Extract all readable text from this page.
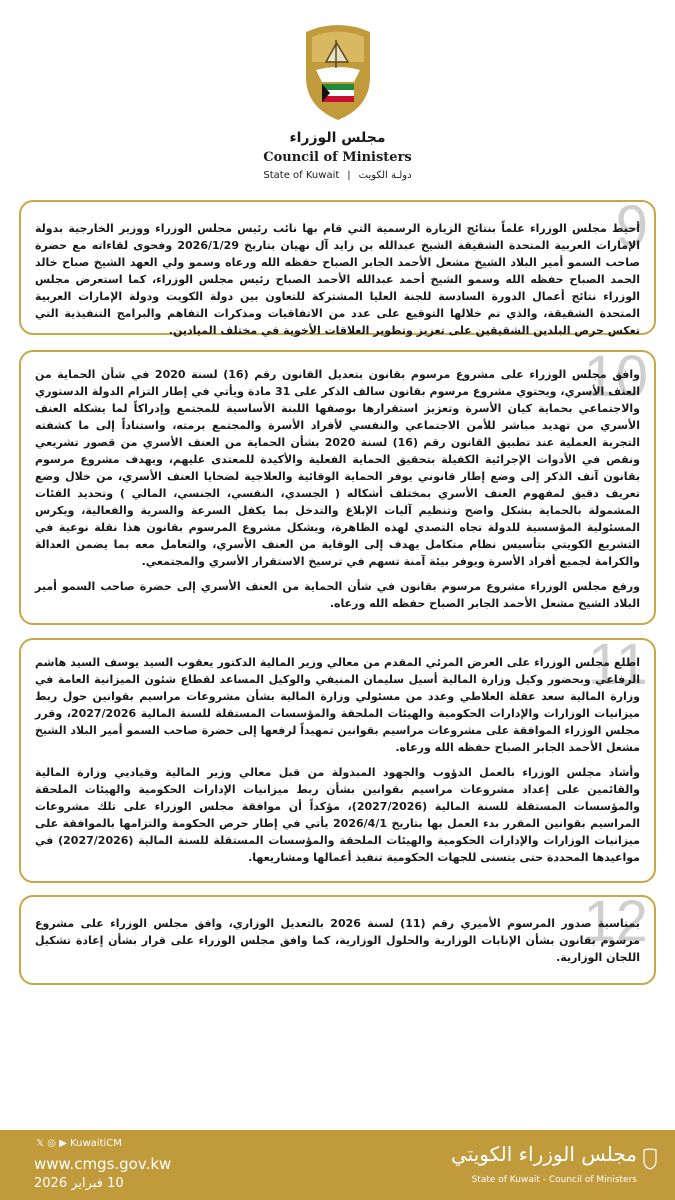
مجلس الوزراء
Council of Ministers
State of Kuwait | دولـة الكويت
9

أحيط مجلس الوزراء علماً بنتائج الزيارة الرسمية التي قام بها نائب رئيس مجلس الوزراء ووزير الخارجية بدولة الإمارات العربية المتحدة الشقيقة الشيخ عبدالله بن زايد آل نهيان بتاريخ 2026/1/29 وفحوى لقاءاته مع حضرة صاحب السمو أمير البلاد الشيخ مشعل الأحمد الجابر الصباح حفظه الله ورعاه وسمو ولي العهد الشيخ صباح خالد الحمد الصباح حفظه الله وسمو الشيخ أحمد عبدالله الأحمد الصباح رئيس مجلس الوزراء، كما استعرض مجلس الوزراء نتائج أعمال الدورة السادسة للجنة العليا المشتركة للتعاون بين دولة الكويت ودولة الإمارات العربية المتحدة الشقيقة، والذي تم خلالها التوقيع على عدد من الاتفاقيات ومذكرات التفاهم والبرامج التنفيذية التي تعكس حرص البلدين الشقيقين على تعزيز وتطوير العلاقات الأخوية في مختلف الميادين.

10

وافق مجلس الوزراء على مشروع مرسوم بقانون بتعديل القانون رقم (16) لسنة 2020 في شأن الحماية من العنف الأسري، ويحتوي مشروع مرسوم بقانون سالف الذكر على 31 مادة ويأتي في إطار التزام الدولة الدستوري والاجتماعي بحماية كيان الأسرة وتعزيز استقرارها بوصفها اللبنة الأساسية للمجتمع وإدراكاً لما يشكله العنف الأسري من تهديد مباشر للأمن الاجتماعي والنفسي لأفراد الأسرة والمجتمع برمته، واستناداً إلى ما كشفته التجربة العملية عند تطبيق القانون رقم (16) لسنة 2020 بشأن الحماية من العنف الأسري من قصور تشريعي ونقص في الأدوات الإجرائية الكفيلة بتحقيق الحماية الفعلية والأكيدة للمعتدى عليهم، ويهدف مشروع مرسوم بقانون آنف الذكر إلى وضع إطار قانوني يوفر الحماية الوقائية والعلاجية لضحايا العنف الأسري، من خلال وضع تعريف دقيق لمفهوم العنف الأسري بمختلف أشكاله ( الجسدي، النفسي، الجنسي، المالي ) وتحديد الفئات المشمولة بالحماية بشكل واضح وتنظيم آليات الإبلاغ والتدخل بما يكفل السرعة والسرية والفعالية، ويكرس المسئولية المؤسسية للدولة تجاه التصدي لهذه الظاهرة، ويشكل مشروع المرسوم بقانون هذا نقلة نوعية في التشريع الكويتي بتأسيس نظام متكامل يهدف إلى الوقاية من العنف الأسري، والتعامل معه بما يضمن العدالة والكرامة لجميع أفراد الأسرة ويوفر بيئة آمنة تسهم في ترسيخ الاستقرار الأسري والمجتمعي.

ورفع مجلس الوزراء مشروع مرسوم بقانون في شأن الحماية من العنف الأسري إلى حضرة صاحب السمو أمير البلاد الشيخ مشعل الأحمد الجابر الصباح حفظه الله ورعاه.

11

اطلع مجلس الوزراء على العرض المرئي المقدم من معالي وزير المالية الدكتور يعقوب السيد يوسف السيد هاشم الرفاعي وبحضور وكيل وزارة المالية أسيل سليمان المنيفي والوكيل المساعد لقطاع شئون الميزانية العامة في وزارة المالية سعد عقلة العلاطي وعدد من مسئولي وزارة المالية بشأن مشروعات مراسيم بقوانين حول ربط ميزانيات الوزارات والإدارات الحكومية والهيئات الملحقة والمؤسسات المستقلة للسنة المالية 2027/2026، وقرر مجلس الوزراء الموافقة على مشروعات مراسيم بقوانين تمهيداً لرفعها إلى حضرة صاحب السمو أمير البلاد الشيخ مشعل الأحمد الجابر الصباح حفظه الله ورعاه.

وأشاد مجلس الوزراء بالعمل الدؤوب والجهود المبذولة من قبل معالي وزير المالية وقياديي وزارة المالية والقائمين على إعداد مشروعات مراسيم بقوانين بشأن ربط ميزانيات الإدارات الحكومية والهيئات الملحقة والمؤسسات المستقلة للسنة المالية (2027/2026)، مؤكداً أن موافقة مجلس الوزراء على تلك مشروعات المراسيم بقوانين المقرر بدء العمل بها بتاريخ 2026/4/1 يأتي في إطار حرص الحكومة والتزامها بالموافقة على ميزانيات الوزارات والإدارات الحكومية والهيئات الملحقة والمؤسسات المستقلة للسنة المالية (2027/2026) في مواعيدها المحددة حتى يتسنى للجهات الحكومية تنفيذ أعمالها ومشاريعها.

12

بمناسبة صدور المرسوم الأميري رقم (11) لسنة 2026 بالتعديل الوزاري، وافق مجلس الوزراء على مشروع مرسوم بقانون بشأن الإنابات الوزارية والحلول الوزارية، كما وافق مجلس الوزراء على قرار بشأن إعادة تشكيل اللجان الوزارية.

𝕏 ◎ ▶ KuwaitiCM
www.cmgs.gov.kw
10 فبراير 2026
مجلس الوزراء الكويتي
State of Kuwait - Council of Ministers
